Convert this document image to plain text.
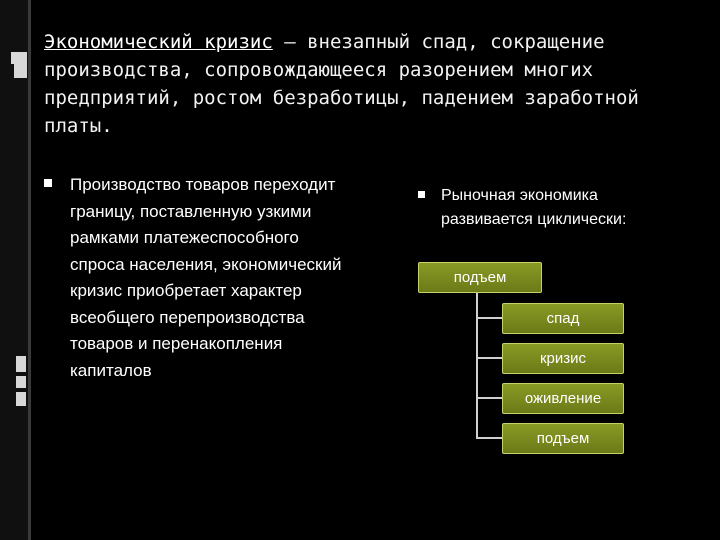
Экономический кризис – внезапный спад, сокращение производства, сопровождающееся разорением многих предприятий, ростом безработицы, падением заработной платы.

Производство товаров переходит границу, поставленную узкими рамками платежеспособного спроса населения, экономический кризис приобретает характер всеобщего перепроизводства товаров и перенакопления капиталов
Рыночная экономика развивается циклически:
подъем
спад
кризис
оживление
подъем
